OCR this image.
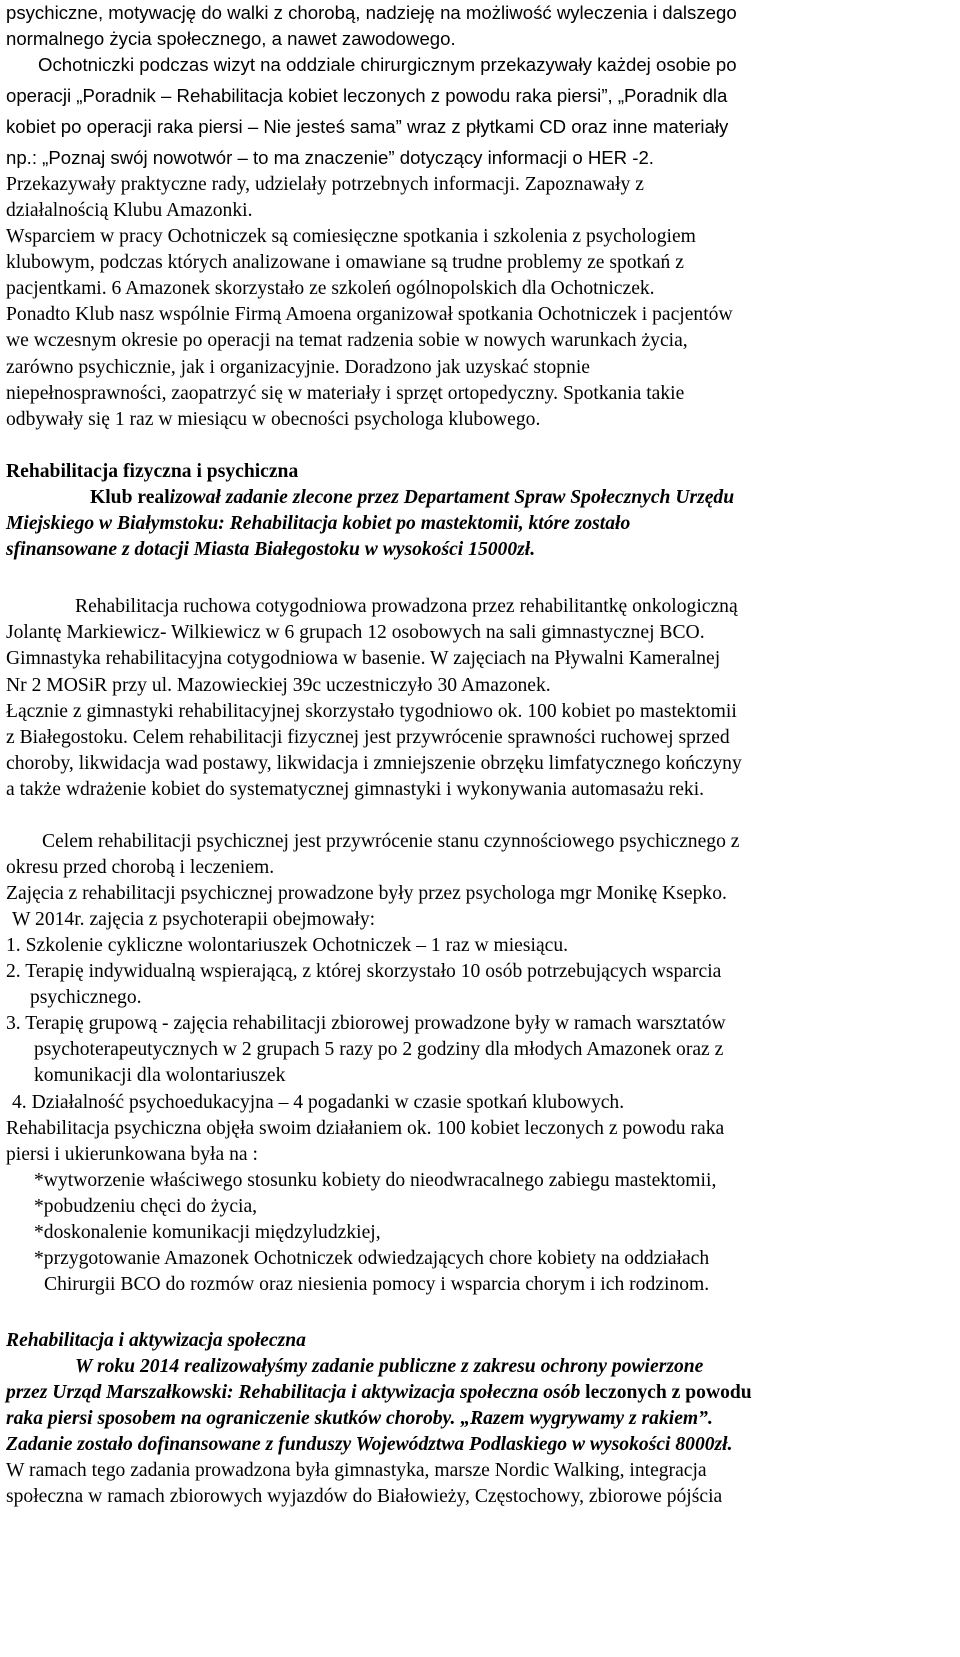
psychiczne, motywację do walki z chorobą, nadzieję na możliwość wyleczenia i dalszego
normalnego życia społecznego, a nawet zawodowego.
Ochotniczki podczas wizyt na oddziale chirurgicznym przekazywały każdej osobie po
operacji „Poradnik – Rehabilitacja kobiet leczonych z powodu raka piersi”, „Poradnik dla
kobiet po operacji raka piersi – Nie jesteś sama” wraz z płytkami CD oraz inne materiały
np.: „Poznaj swój nowotwór – to ma znaczenie” dotyczący informacji o HER -2.
Przekazywały praktyczne rady, udzielały potrzebnych informacji. Zapoznawały z
działalnością Klubu Amazonki.
Wsparciem w pracy Ochotniczek są comiesięczne spotkania i szkolenia z psychologiem
klubowym, podczas których analizowane i omawiane są trudne problemy ze spotkań z
pacjentkami. 6 Amazonek skorzystało ze szkoleń ogólnopolskich dla Ochotniczek.
Ponadto Klub nasz wspólnie Firmą Amoena organizował spotkania Ochotniczek i pacjentów
we wczesnym okresie po operacji na temat radzenia sobie w nowych warunkach życia,
zarówno psychicznie, jak i organizacyjnie. Doradzono jak uzyskać stopnie
niepełnosprawności, zaopatrzyć się w materiały i sprzęt ortopedyczny. Spotkania takie
odbywały się 1 raz w miesiącu w obecności psychologa klubowego.
Rehabilitacja fizyczna i psychiczna
Klub realizował zadanie zlecone przez Departament Spraw Społecznych Urzędu
Miejskiego w Białymstoku: Rehabilitacja kobiet po mastektomii, które zostało
sfinansowane z dotacji Miasta Białegostoku w wysokości 15000zł.
Rehabilitacja ruchowa cotygodniowa prowadzona przez rehabilitantkę onkologiczną
Jolantę Markiewicz- Wilkiewicz w 6 grupach 12 osobowych na sali gimnastycznej BCO.
Gimnastyka rehabilitacyjna cotygodniowa w basenie. W zajęciach na Pływalni Kameralnej
Nr 2 MOSiR przy ul. Mazowieckiej 39c uczestniczyło 30 Amazonek.
Łącznie z gimnastyki rehabilitacyjnej skorzystało tygodniowo ok. 100 kobiet po mastektomii
z Białegostoku. Celem rehabilitacji fizycznej jest przywrócenie sprawności ruchowej sprzed
choroby, likwidacja wad postawy, likwidacja i zmniejszenie obrzęku limfatycznego kończyny
a także wdrażenie kobiet do systematycznej gimnastyki i wykonywania automasażu reki.
Celem rehabilitacji psychicznej jest przywrócenie stanu czynnościowego psychicznego z
okresu przed chorobą i leczeniem.
Zajęcia z rehabilitacji psychicznej prowadzone były przez psychologa mgr Monikę Ksepko.
W 2014r. zajęcia z psychoterapii obejmowały:
1. Szkolenie cykliczne wolontariuszek Ochotniczek – 1 raz w miesiącu.
2. Terapię indywidualną wspierającą, z której skorzystało 10 osób potrzebujących wsparcia
psychicznego.
3. Terapię grupową - zajęcia rehabilitacji zbiorowej prowadzone były w ramach warsztatów
psychoterapeutycznych w 2 grupach 5 razy po 2 godziny dla młodych Amazonek oraz z
komunikacji dla wolontariuszek
4. Działalność psychoedukacyjna – 4 pogadanki w czasie spotkań klubowych.
Rehabilitacja psychiczna objęła swoim działaniem ok. 100 kobiet leczonych z powodu raka
piersi i ukierunkowana była na :
*wytworzenie właściwego stosunku kobiety do nieodwracalnego zabiegu mastektomii,
*pobudzeniu chęci do życia,
*doskonalenie komunikacji międzyludzkiej,
*przygotowanie Amazonek Ochotniczek odwiedzających chore kobiety na oddziałach
Chirurgii BCO do rozmów oraz niesienia pomocy i wsparcia chorym i ich rodzinom.
Rehabilitacja i aktywizacja społeczna
W roku 2014 realizowałyśmy zadanie publiczne z zakresu ochrony powierzone
przez Urząd Marszałkowski: Rehabilitacja i aktywizacja społeczna osób leczonych z powodu
raka piersi sposobem na ograniczenie skutków choroby. „Razem wygrywamy z rakiem”.
Zadanie zostało dofinansowane z funduszy Województwa Podlaskiego w wysokości 8000zł.
W ramach tego zadania prowadzona była gimnastyka, marsze Nordic Walking, integracja
społeczna w ramach zbiorowych wyjazdów do Białowieży, Częstochowy, zbiorowe pójścia
